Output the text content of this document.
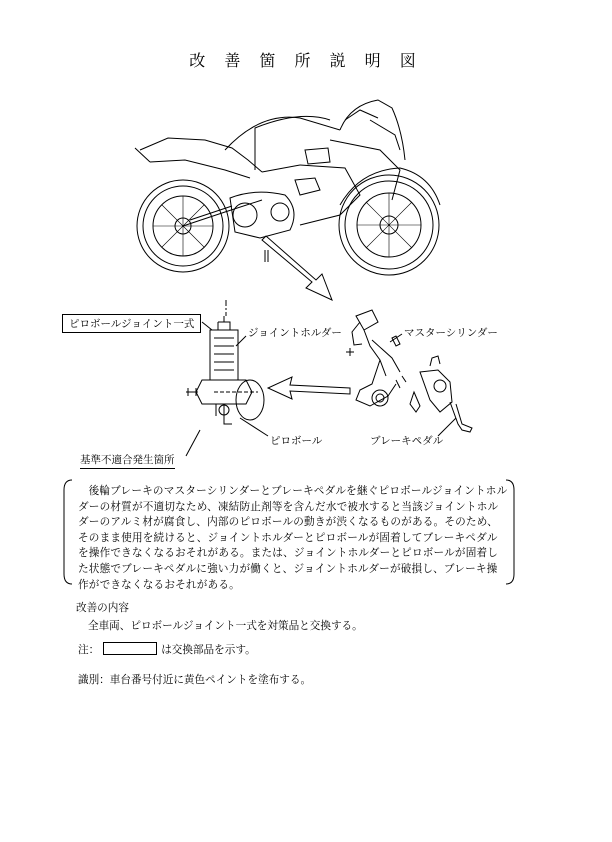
改 善 箇 所 説 明 図
ピロボールジョイント一式
ジョイントホルダー	マスターシリンダー
ピロボール	ブレーキペダル
基準不適合発生箇所
後輪ブレーキのマスターシリンダーとブレーキペダルを継ぐピロボールジョイントホルダーの材質が不適切なため、凍結防止剤等を含んだ水で被水すると当該ジョイントホルダーのアルミ材が腐食し、内部のピロボールの動きが渋くなるものがある。そのため、そのまま使用を続けると、ジョイントホルダーとピロボールが固着してブレーキペダルを操作できなくなるおそれがある。または、ジョイントホルダーとピロボールが固着した状態でブレーキペダルに強い力が働くと、ジョイントホルダーが破損し、ブレーキ操作ができなくなるおそれがある。
改善の内容
全車両、ピロボールジョイント一式を対策品と交換する。
注：	は交換部品を示す。
識別：車台番号付近に黄色ペイントを塗布する。
